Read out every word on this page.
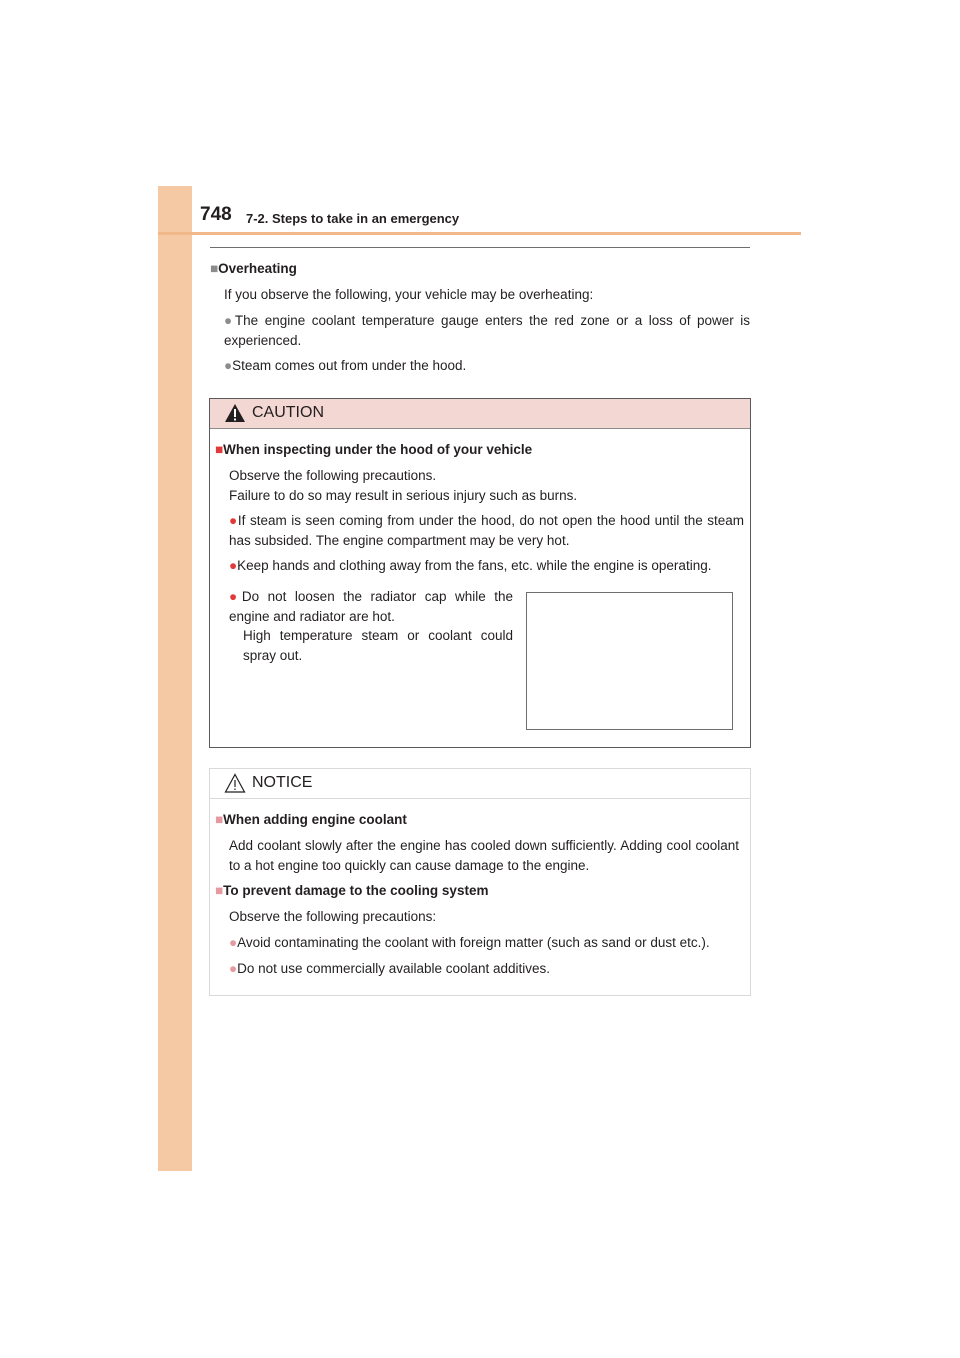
748 7-2. Steps to take in an emergency
■Overheating
If you observe the following, your vehicle may be overheating:
●The engine coolant temperature gauge enters the red zone or a loss of power is experienced.
●Steam comes out from under the hood.
CAUTION
■When inspecting under the hood of your vehicle
Observe the following precautions.
Failure to do so may result in serious injury such as burns.
●If steam is seen coming from under the hood, do not open the hood until the steam has subsided. The engine compartment may be very hot.
●Keep hands and clothing away from the fans, etc. while the engine is operating.
●Do not loosen the radiator cap while the engine and radiator are hot.
High temperature steam or coolant could spray out.
NOTICE
■When adding engine coolant
Add coolant slowly after the engine has cooled down sufficiently. Adding cool coolant to a hot engine too quickly can cause damage to the engine.
■To prevent damage to the cooling system
Observe the following precautions:
●Avoid contaminating the coolant with foreign matter (such as sand or dust etc.).
●Do not use commercially available coolant additives.
